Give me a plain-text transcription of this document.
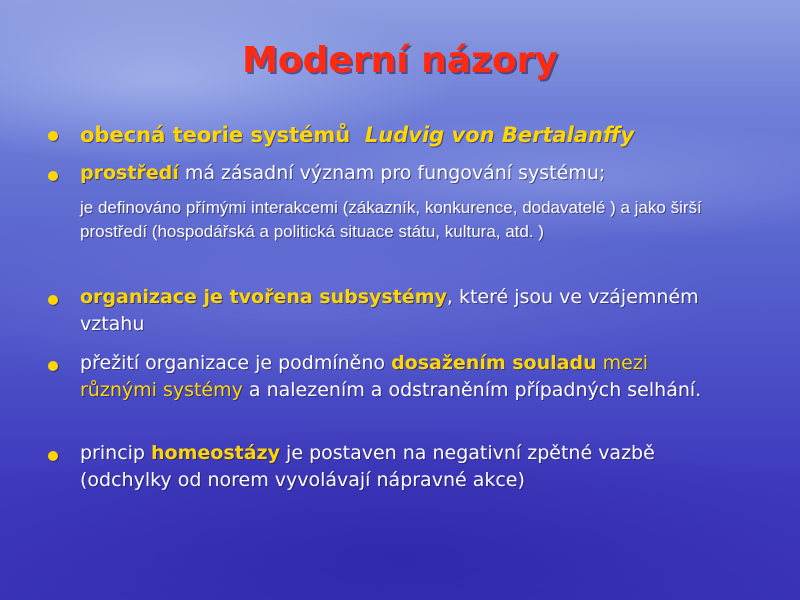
Moderní názory
obecná teorie systémů Ludvig von Bertalanffy
prostředí má zásadní význam pro fungování systému;
je definováno přímými interakcemi (zákazník, konkurence, dodavatelé ) a jako širší prostředí (hospodářská a politická situace státu, kultura, atd. )
organizace je tvořena subsystémy, které jsou ve vzájemném vztahu
přežití organizace je podmíněno dosažením souladu mezi různými systémy a nalezením a odstraněním případných selhání.
princip homeostázy je postaven na negativní zpětné vazbě (odchylky od norem vyvolávají nápravné akce)
